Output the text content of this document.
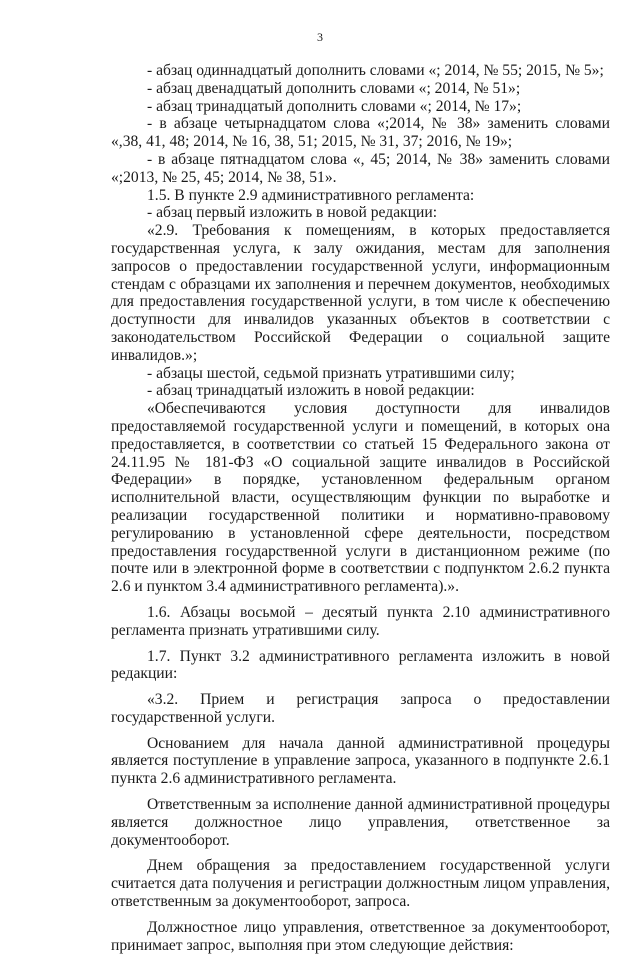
3

- абзац одиннадцатый дополнить словами «; 2014, № 55; 2015, № 5»;

- абзац двенадцатый дополнить словами «; 2014, № 51»;

- абзац тринадцатый дополнить словами «; 2014, № 17»;

- в абзаце четырнадцатом слова «;2014, № 38» заменить словами «,38, 41, 48; 2014, № 16, 38, 51; 2015, № 31, 37; 2016, № 19»;

- в абзаце пятнадцатом слова «, 45; 2014, № 38» заменить словами «;2013, № 25, 45; 2014, № 38, 51».

1.5. В пункте 2.9 административного регламента:

- абзац первый изложить в новой редакции:

«2.9. Требования к помещениям, в которых предоставляется государственная услуга, к залу ожидания, местам для заполнения запросов о предоставлении государственной услуги, информационным стендам с образцами их заполнения и перечнем документов, необходимых для предоставления государственной услуги, в том числе к обеспечению доступности для инвалидов указанных объектов в соответствии с законодательством Российской Федерации о социальной защите инвалидов.»;

- абзацы шестой, седьмой признать утратившими силу;

- абзац тринадцатый изложить в новой редакции:

«Обеспечиваются условия доступности для инвалидов предоставляемой государственной услуги и помещений, в которых она предоставляется, в соответствии со статьей 15 Федерального закона от 24.11.95 № 181-ФЗ «О социальной защите инвалидов в Российской Федерации» в порядке, установленном федеральным органом исполнительной власти, осуществляющим функции по выработке и реализации государственной политики и нормативно-правовому регулированию в установленной сфере деятельности, посредством предоставления государственной услуги в дистанционном режиме (по почте или в электронной форме в соответствии с подпунктом 2.6.2 пункта 2.6 и пунктом 3.4 административного регламента).».

1.6. Абзацы восьмой – десятый пункта 2.10 административного регламента признать утратившими силу.

1.7. Пункт 3.2 административного регламента изложить в новой редакции:

«3.2. Прием и регистрация запроса о предоставлении государственной услуги.

Основанием для начала данной административной процедуры является поступление в управление запроса, указанного в подпункте 2.6.1 пункта 2.6 административного регламента.

Ответственным за исполнение данной административной процедуры является должностное лицо управления, ответственное за документооборот.

Днем обращения за предоставлением государственной услуги считается дата получения и регистрации должностным лицом управления, ответственным за документооборот, запроса.

Должностное лицо управления, ответственное за документооборот, принимает запрос, выполняя при этом следующие действия:
